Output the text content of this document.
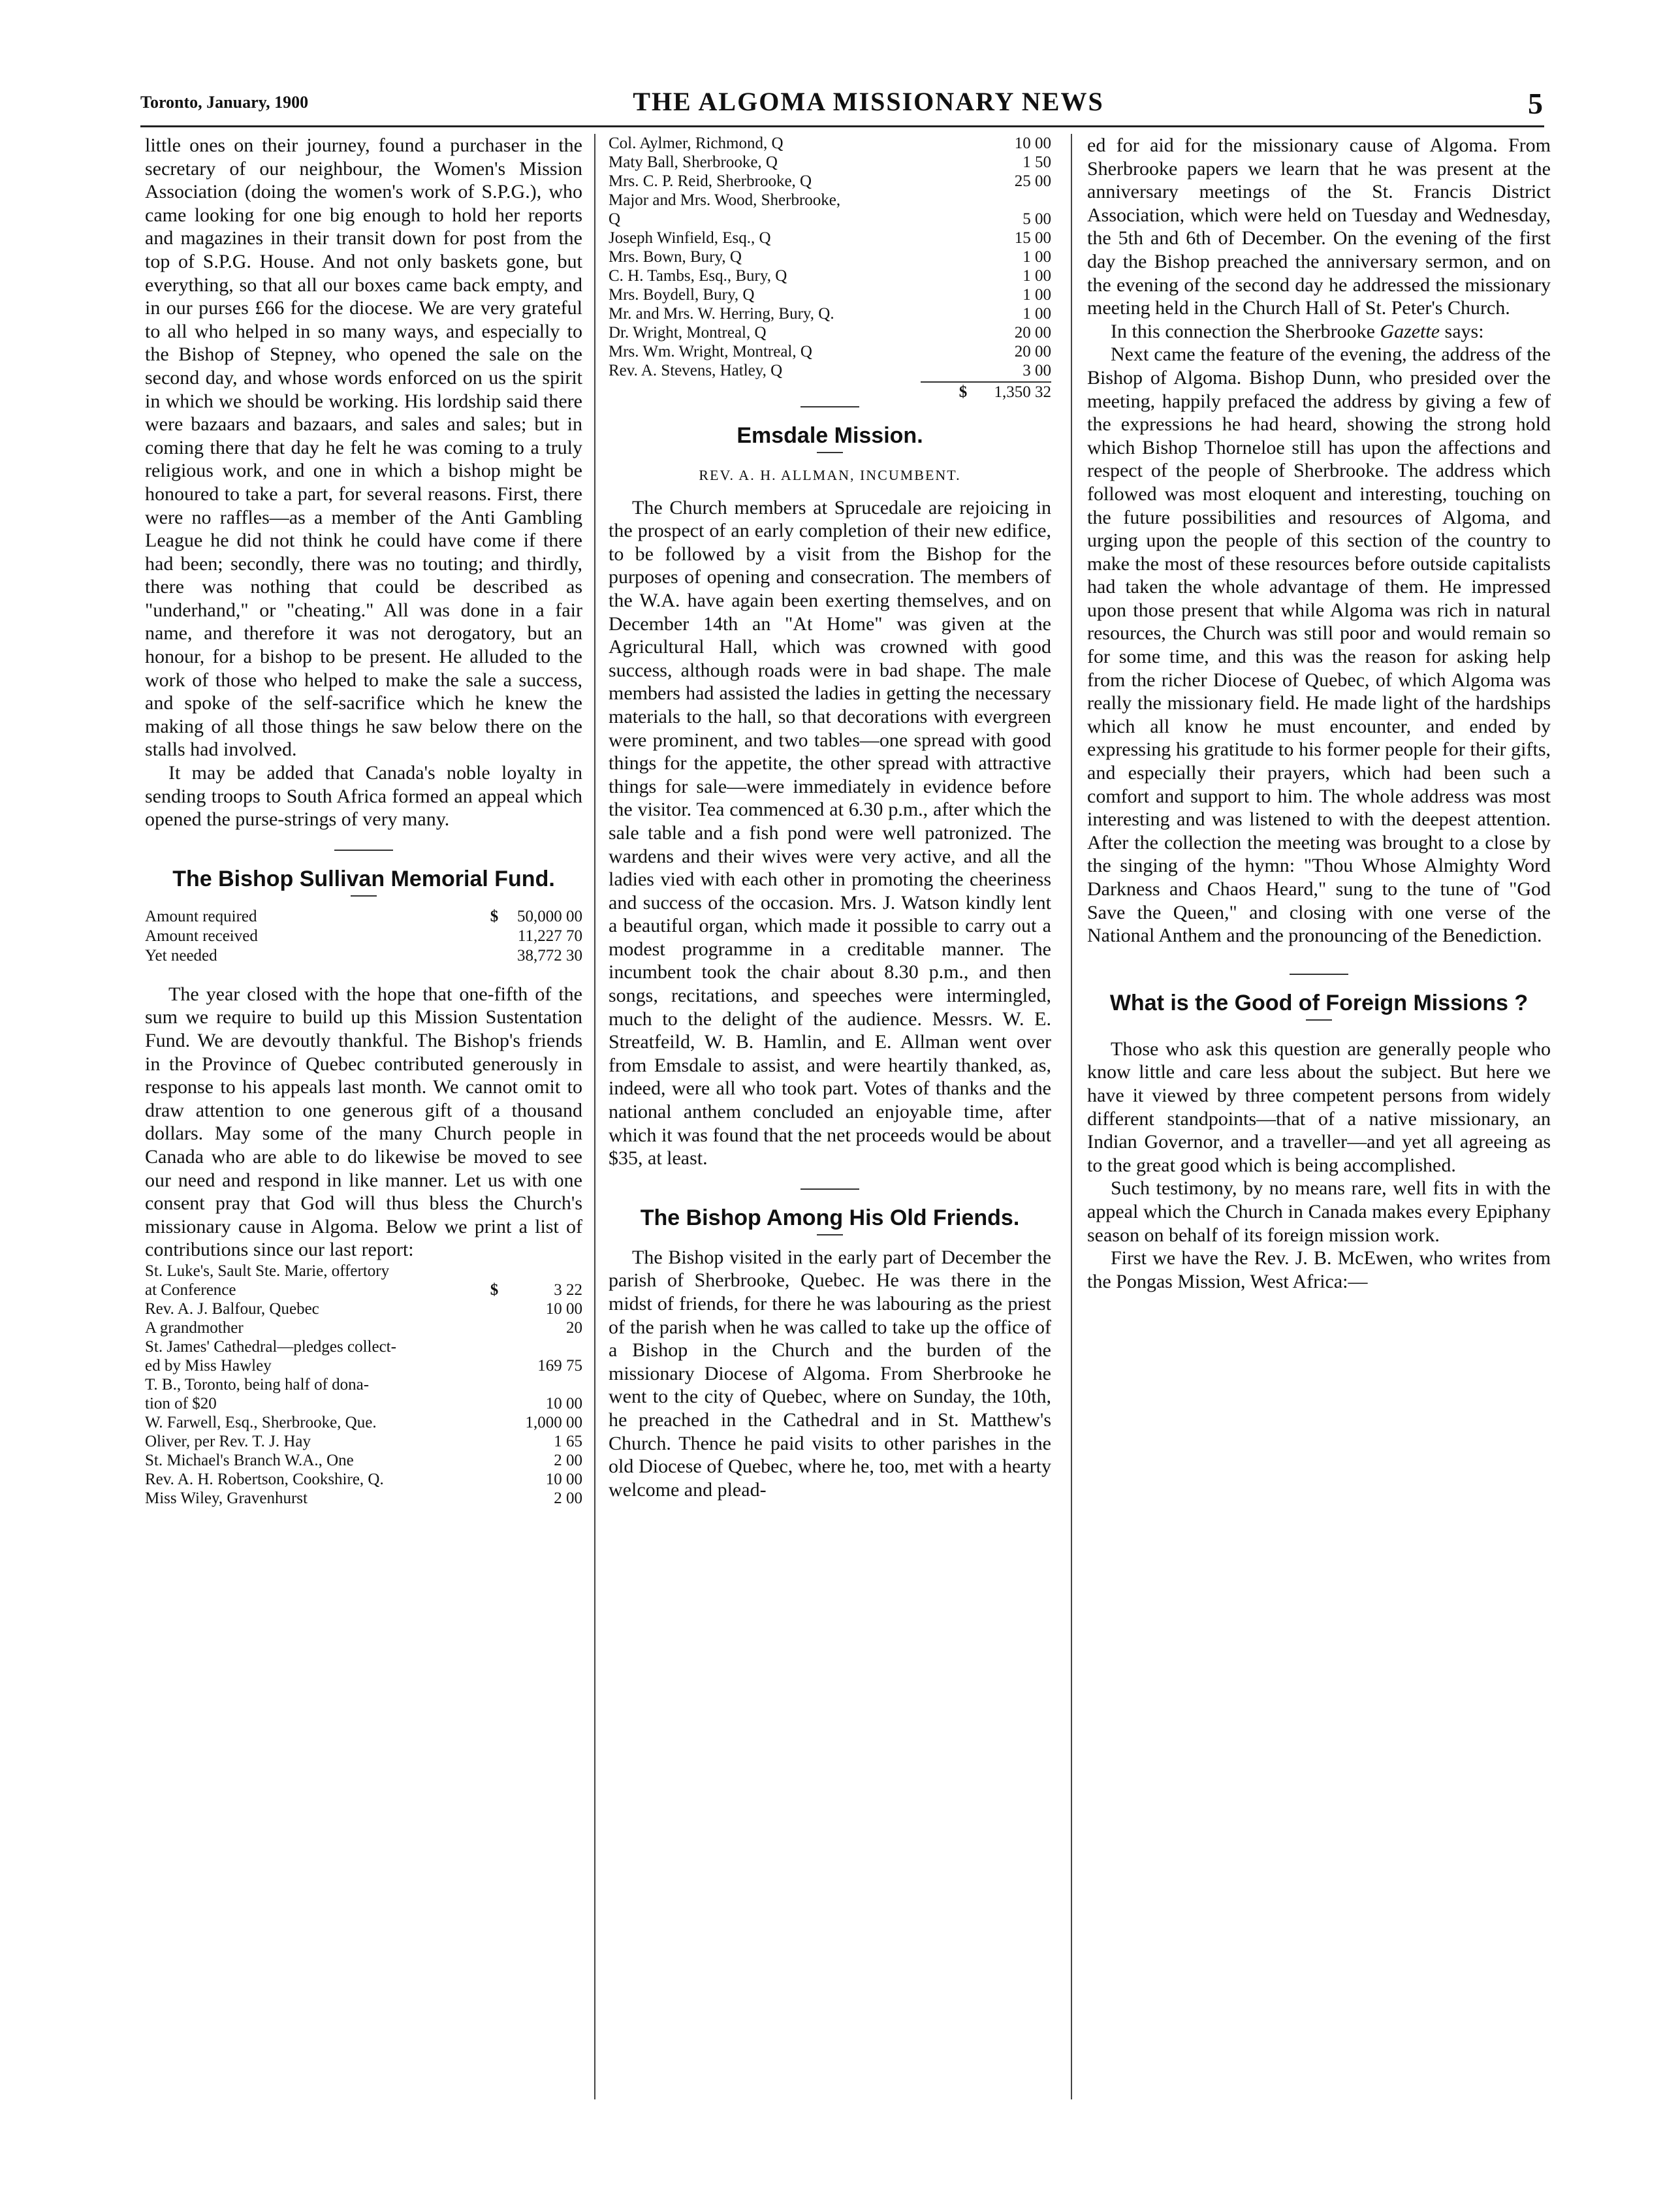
Toronto, January, 1900	THE ALGOMA MISSIONARY NEWS	5

little ones on their journey, found a purchaser in the secretary of our neighbour, the Women's Mission Association (doing the women's work of S.P.G.), who came looking for one big enough to hold her reports and magazines in their transit down for post from the top of S.P.G. House. And not only baskets gone, but everything, so that all our boxes came back empty, and in our purses £66 for the diocese. We are very grateful to all who helped in so many ways, and especially to the Bishop of Stepney, who opened the sale on the second day, and whose words enforced on us the spirit in which we should be working. His lordship said there were bazaars and bazaars, and sales and sales; but in coming there that day he felt he was coming to a truly religious work, and one in which a bishop might be honoured to take a part, for several reasons. First, there were no raffles—as a member of the Anti Gambling League he did not think he could have come if there had been; secondly, there was no touting; and thirdly, there was nothing that could be described as "underhand," or "cheating." All was done in a fair name, and therefore it was not derogatory, but an honour, for a bishop to be present. He alluded to the work of those who helped to make the sale a success, and spoke of the self-sacrifice which he knew the making of all those things he saw below there on the stalls had involved.

It may be added that Canada's noble loyalty in sending troops to South Africa formed an appeal which opened the purse-strings of very many.

The Bishop Sullivan Memorial Fund.
Amount required	$	50,000 00
Amount received		11,227 70
Yet needed		38,772 30

The year closed with the hope that one-fifth of the sum we require to build up this Mission Sustentation Fund. We are devoutly thankful. The Bishop's friends in the Province of Quebec contributed generously in response to his appeals last month. We cannot omit to draw attention to one generous gift of a thousand dollars. May some of the many Church people in Canada who are able to do likewise be moved to see our need and respond in like manner. Let us with one consent pray that God will thus bless the Church's missionary cause in Algoma. Below we print a list of contributions since our last report:

St. Luke's, Sault Ste. Marie, offertory		
at Conference	$	3 22
Rev. A. J. Balfour, Quebec		10 00
A grandmother		20
St. James' Cathedral—pledges collect-		
ed by Miss Hawley		169 75
T. B., Toronto, being half of dona-		
tion of $20		10 00
W. Farwell, Esq., Sherbrooke, Que.		1,000 00
Oliver, per Rev. T. J. Hay		1 65
St. Michael's Branch W.A., One		2 00
Rev. A. H. Robertson, Cookshire, Q.		10 00
Miss Wiley, Gravenhurst		2 00
Col. Aylmer, Richmond, Q	10 00
Maty Ball, Sherbrooke, Q	1 50
Mrs. C. P. Reid, Sherbrooke, Q	25 00
Major and Mrs. Wood, Sherbrooke,	
Q	5 00
Joseph Winfield, Esq., Q	15 00
Mrs. Bown, Bury, Q	1 00
C. H. Tambs, Esq., Bury, Q	1 00
Mrs. Boydell, Bury, Q	1 00
Mr. and Mrs. W. Herring, Bury, Q.	1 00
Dr. Wright, Montreal, Q	20 00
Mrs. Wm. Wright, Montreal, Q	20 00
Rev. A. Stevens, Hatley, Q	3 00
	$	1,350 32
Emsdale Mission.
REV. A. H. ALLMAN, INCUMBENT.

The Church members at Sprucedale are rejoicing in the prospect of an early completion of their new edifice, to be followed by a visit from the Bishop for the purposes of opening and consecration. The members of the W.A. have again been exerting themselves, and on December 14th an "At Home" was given at the Agricultural Hall, which was crowned with good success, although roads were in bad shape. The male members had assisted the ladies in getting the necessary materials to the hall, so that decorations with evergreen were prominent, and two tables—one spread with good things for the appetite, the other spread with attractive things for sale—were immediately in evidence before the visitor. Tea commenced at 6.30 p.m., after which the sale table and a fish pond were well patronized. The wardens and their wives were very active, and all the ladies vied with each other in promoting the cheeriness and success of the occasion. Mrs. J. Watson kindly lent a beautiful organ, which made it possible to carry out a modest programme in a creditable manner. The incumbent took the chair about 8.30 p.m., and then songs, recitations, and speeches were intermingled, much to the delight of the audience. Messrs. W. E. Streatfeild, W. B. Hamlin, and E. Allman went over from Emsdale to assist, and were heartily thanked, as, indeed, were all who took part. Votes of thanks and the national anthem concluded an enjoyable time, after which it was found that the net proceeds would be about $35, at least.

The Bishop Among His Old Friends.

The Bishop visited in the early part of December the parish of Sherbrooke, Quebec. He was there in the midst of friends, for there he was labouring as the priest of the parish when he was called to take up the office of a Bishop in the Church and the burden of the missionary Diocese of Algoma. From Sherbrooke he went to the city of Quebec, where on Sunday, the 10th, he preached in the Cathedral and in St. Matthew's Church. Thence he paid visits to other parishes in the old Diocese of Quebec, where he, too, met with a hearty welcome and plead-

ed for aid for the missionary cause of Algoma. From Sherbrooke papers we learn that he was present at the anniversary meetings of the St. Francis District Association, which were held on Tuesday and Wednesday, the 5th and 6th of December. On the evening of the first day the Bishop preached the anniversary sermon, and on the evening of the second day he addressed the missionary meeting held in the Church Hall of St. Peter's Church.

In this connection the Sherbrooke Gazette says:

Next came the feature of the evening, the address of the Bishop of Algoma. Bishop Dunn, who presided over the meeting, happily prefaced the address by giving a few of the expressions he had heard, showing the strong hold which Bishop Thorneloe still has upon the affections and respect of the people of Sherbrooke. The address which followed was most eloquent and interesting, touching on the future possibilities and resources of Algoma, and urging upon the people of this section of the country to make the most of these resources before outside capitalists had taken the whole advantage of them. He impressed upon those present that while Algoma was rich in natural resources, the Church was still poor and would remain so for some time, and this was the reason for asking help from the richer Diocese of Quebec, of which Algoma was really the missionary field. He made light of the hardships which all know he must encounter, and ended by expressing his gratitude to his former people for their gifts, and especially their prayers, which had been such a comfort and support to him. The whole address was most interesting and was listened to with the deepest attention. After the collection the meeting was brought to a close by the singing of the hymn: "Thou Whose Almighty Word Darkness and Chaos Heard," sung to the tune of "God Save the Queen," and closing with one verse of the National Anthem and the pronouncing of the Benediction.

What is the Good of Foreign Missions ?

Those who ask this question are generally people who know little and care less about the subject. But here we have it viewed by three competent persons from widely different standpoints—that of a native missionary, an Indian Governor, and a traveller—and yet all agreeing as to the great good which is being accomplished.

Such testimony, by no means rare, well fits in with the appeal which the Church in Canada makes every Epiphany season on behalf of its foreign mission work.

First we have the Rev. J. B. McEwen, who writes from the Pongas Mission, West Africa:—
